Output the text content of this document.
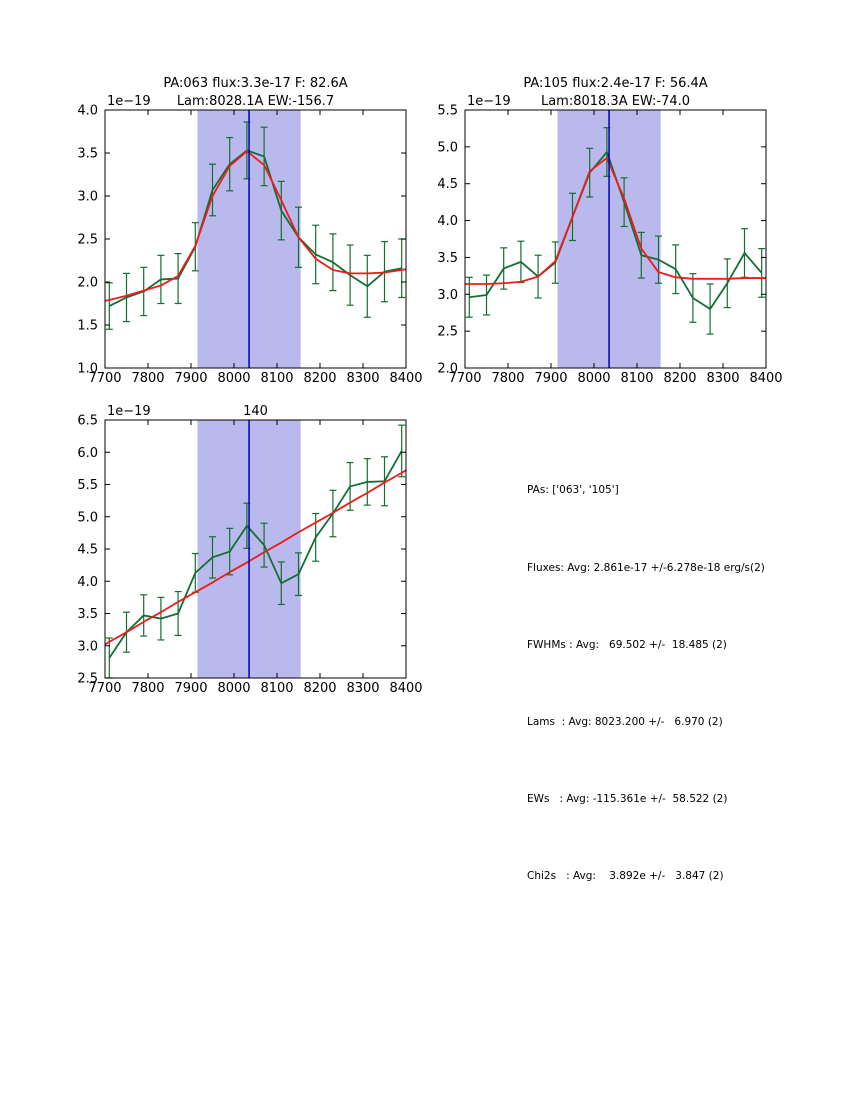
7700 7800 7900 8000 8100 8200 8300 8400
1.0
1.5
2.0
2.5
3.0
3.5
4.0
1e−19
PA:063 flux:3.3e-17 F: 82.6A
Lam:8028.1A EW:-156.7
7700 7800 7900 8000 8100 8200 8300 8400
2.0
2.5
3.0
3.5
4.0
4.5
5.0
5.5
1e−19
PA:105 flux:2.4e-17 F: 56.4A
Lam:8018.3A EW:-74.0
7700 7800 7900 8000 8100 8200 8300 8400
2.5
3.0
3.5
4.0
4.5
5.0
5.5
6.0
6.5
1e−19	140

PAs: ['063', '105']

Fluxes: Avg: 2.861e-17 +/-6.278e-18 erg/s(2)

FWHMs : Avg:   69.502 +/-  18.485 (2)

Lams  : Avg: 8023.200 +/-   6.970 (2)

EWs   : Avg: -115.361e +/-  58.522 (2)

Chi2s   : Avg:    3.892e +/-   3.847 (2)
